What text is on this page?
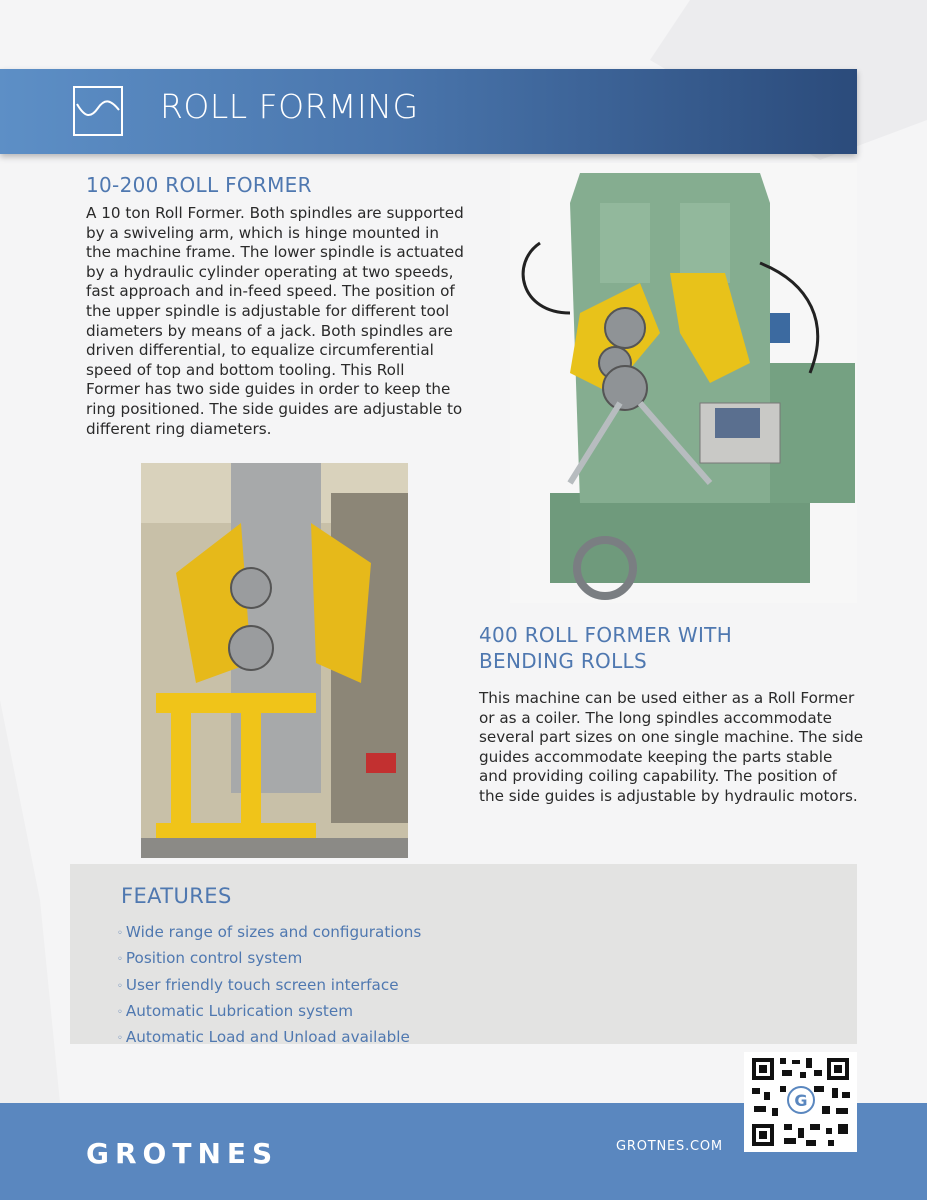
ROLL FORMING
10-200 ROLL FORMER
A 10 ton Roll Former. Both spindles are supported
by a swiveling arm, which is hinge mounted in
the machine frame. The lower spindle is actuated
by a hydraulic cylinder operating at two speeds,
fast approach and in-feed speed. The position of
the upper spindle is adjustable for different tool
diameters by means of a jack. Both spindles are
driven differential, to equalize circumferential
speed of top and bottom tooling. This Roll
Former has two side guides in order to keep the
ring positioned. The side guides are adjustable to
different ring diameters.
400 ROLL FORMER WITH
BENDING ROLLS
This machine can be used either as a Roll Former
or as a coiler. The long spindles accommodate
several part sizes on one single machine. The side
guides accommodate keeping the parts stable
and providing coiling capability. The position of
the side guides is adjustable by hydraulic motors.
FEATURES
◦ Wide range of sizes and configurations
◦ Position control system
◦ User friendly touch screen interface
◦ Automatic Lubrication system
◦ Automatic Load and Unload available
GROTNES	GROTNES.COM
G
